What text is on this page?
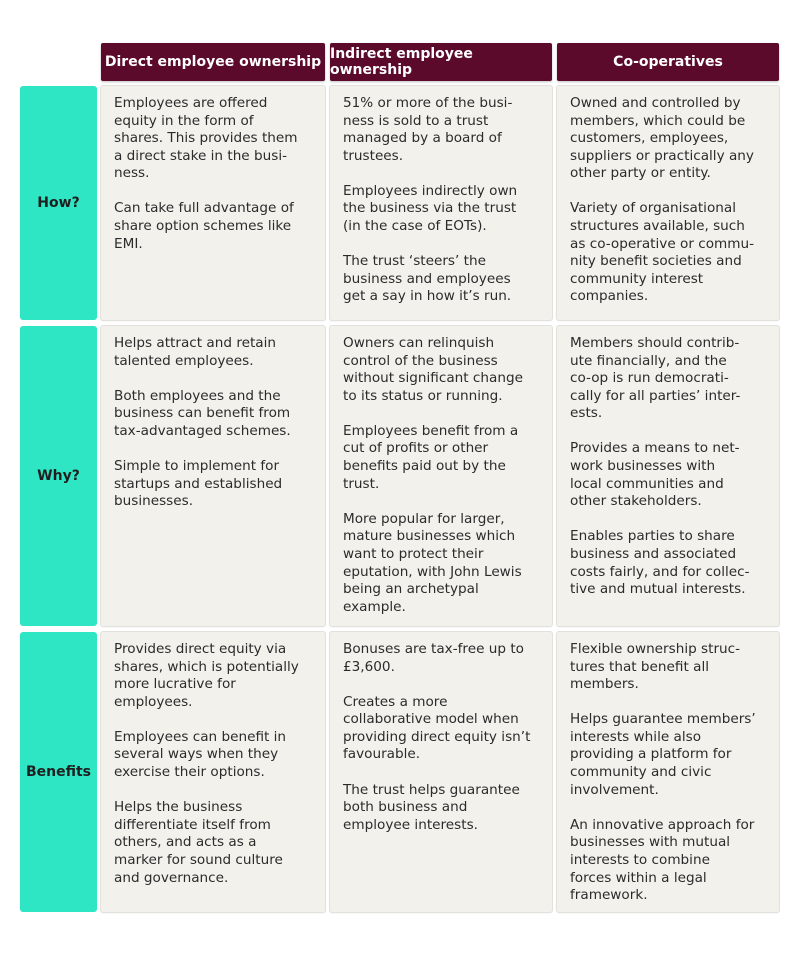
Direct employee ownership Indirect employee ownership	Co-operatives
How?
Why?
Benefits

Employees are offered
equity in the form of
shares. This provides them
a direct stake in the busi-
ness.

Can take full advantage of
share option schemes like
EMI.

51% or more of the busi-
ness is sold to a trust
managed by a board of
trustees.

Employees indirectly own
the business via the trust
(in the case of EOTs).

The trust ‘steers’ the
business and employees
get a say in how it’s run.

Owned and controlled by
members, which could be
customers, employees,
suppliers or practically any
other party or entity.

Variety of organisational
structures available, such
as co-operative or commu-
nity benefit societies and
community interest
companies.

Helps attract and retain
talented employees.

Both employees and the
business can benefit from
tax-advantaged schemes.

Simple to implement for
startups and established
businesses.

Owners can relinquish
control of the business
without significant change
to its status or running.

Employees benefit from a
cut of profits or other
benefits paid out by the
trust.

More popular for larger,
mature businesses which
want to protect their
eputation, with John Lewis
being an archetypal
example.

Members should contrib-
ute financially, and the
co-op is run democrati-
cally for all parties’ inter-
ests.

Provides a means to net-
work businesses with
local communities and
other stakeholders.

Enables parties to share
business and associated
costs fairly, and for collec-
tive and mutual interests.

Provides direct equity via
shares, which is potentially
more lucrative for
employees.

Employees can benefit in
several ways when they
exercise their options.

Helps the business
differentiate itself from
others, and acts as a
marker for sound culture
and governance.

Bonuses are tax-free up to
£3,600.

Creates a more
collaborative model when
providing direct equity isn’t
favourable.

The trust helps guarantee
both business and
employee interests.

Flexible ownership struc-
tures that benefit all
members.

Helps guarantee members’
interests while also
providing a platform for
community and civic
involvement.

An innovative approach for
businesses with mutual
interests to combine
forces within a legal
framework.
